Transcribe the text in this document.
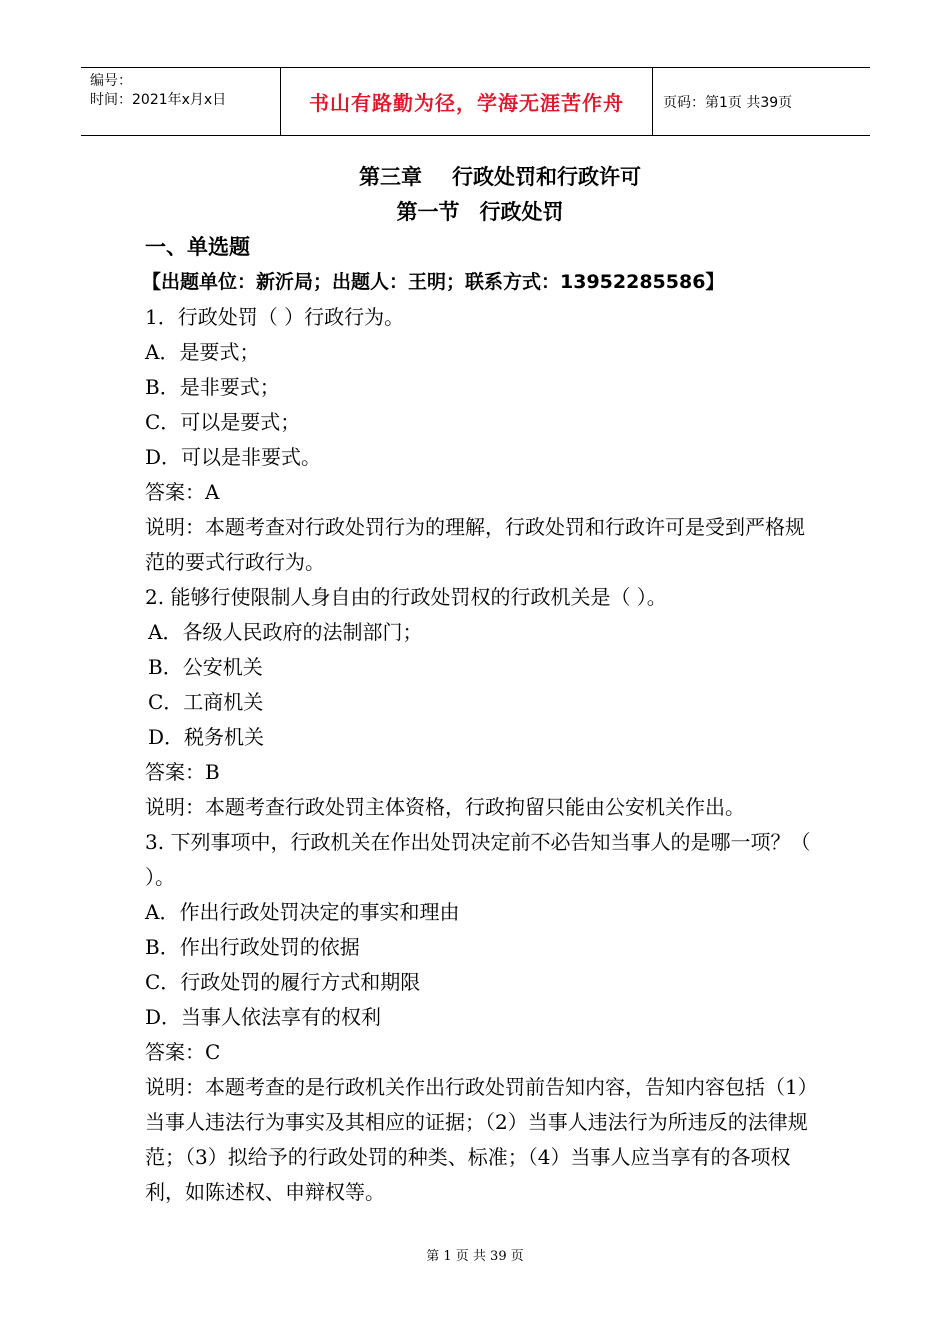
编号：
时间：2021年x月x日	书山有路勤为径，学海无涯苦作舟	页码：第1页 共39页
第三章 行政处罚和行政许可
第一节 行政处罚
一、单选题
【出题单位：新沂局；出题人：王明；联系方式：13952285586】
1．行政处罚（ ）行政行为。
A．是要式；
B．是非要式；
C．可以是要式；
D．可以是非要式。
答案：A
说明：本题考查对行政处罚行为的理解，行政处罚和行政许可是受到严格规范的要式行政行为。
2. 能够行使限制人身自由的行政处罚权的行政机关是（ ）。
A．各级人民政府的法制部门；
B．公安机关
C．工商机关
D．税务机关
答案：B
说明：本题考查行政处罚主体资格，行政拘留只能由公安机关作出。
3. 下列事项中，行政机关在作出处罚决定前不必告知当事人的是哪一项？（ ）。
A．作出行政处罚决定的事实和理由
B．作出行政处罚的依据
C．行政处罚的履行方式和期限
D．当事人依法享有的权利
答案：C
说明：本题考查的是行政机关作出行政处罚前告知内容，告知内容包括（1）当事人违法行为事实及其相应的证据；（2）当事人违法行为所违反的法律规范；（3）拟给予的行政处罚的种类、标准；（4）当事人应当享有的各项权利，如陈述权、申辩权等。
第 1 页 共 39 页
